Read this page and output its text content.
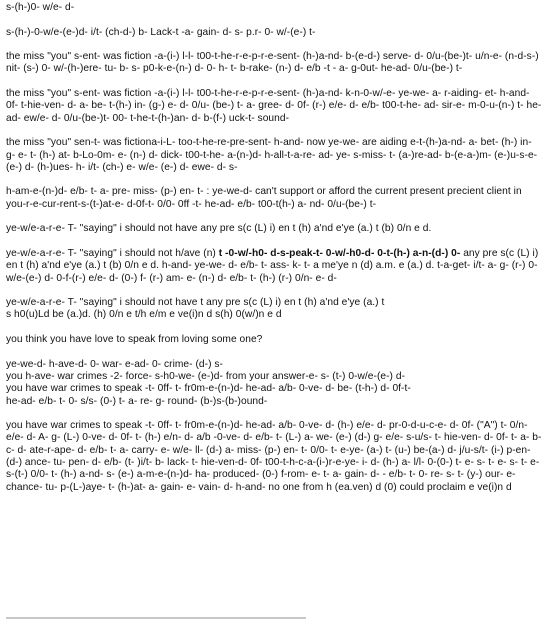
s-(h-)0- w/e- d-

s-(h-)-0-w/e-(e-)d- i/t- (ch-d-) b- Lack-t -a- gain- d- s- p.r- 0- w/-(e-) t-

the miss "you" s-ent- was fiction -a-(i-) l-l- t00-t-he-r-e-p-r-e-sent- (h-)a-nd- b-(e-d-) serve- d- 0/u-(be-)t- u/n-e- (n-d-s-) nit- (s-) 0- w/-(h-)ere- tu- b- s- p0-k-e-(n-) d- 0- h- t- b-rake- (n-) d- e/b -t - a- g-0ut- he-ad- 0/u-(be-) t-

the miss "you" s-ent- was fiction -a-(i-) l-l- t00-t-he-r-e-p-r-e-sent- (h-)a-nd- k-n-0-w/-e- ye-we- a- r-aiding- et- h-and- 0f- t-hie-ven- d- a- be- t-(h-) in- (g-) e- d- 0/u- (be-) t- a- gree- d- 0f- (r-) e/e- d- e/b- t00-t-he- ad- sir-e- m-0-u-(n-) t- he-ad- ew/e- d- 0/u-(be-)t- 00- t-he-t-(h-)an- d- b-(f-) uck-t- sound-

the miss "you" sen-t- was fictiona-i-L- too-t-he-re-pre-sent- h-and- now ye-we- are aiding e-t-(h-)a-nd- a- bet- (h-) in- g- e- t- (h-) at- b-Lo-0m- e- (n-) d- dick- t00-t-he- a-(n-)d- h-all-t-a-re- ad- ye- s-miss- t- (a-)re-ad- b-(e-a-)m- (e-)u-s-e-(e-) d- (h-)ues- h- i/t- (ch-) e- w/e- (e-) d- ewe- d- s-

h-am-e-(n-)d- e/b- t- a- pre- miss- (p-) en- t- : ye-we-d- can't support or afford the current present precient client in you-r-e-cur-rent-s-(t-)at-e- d-0f-t- 0/0- 0ff -t- he-ad- e/b- t00-t(h-) a- nd- 0/u-(be-) t-

ye-w/e-a-r-e- T- "saying" i should not have any pre s(c (L) i) en t (h) a'nd e'ye (a.) t (b) 0/n e d.

ye-w/e-a-r-e- T- "saying" i should not h/ave (n) t -0-w/-h0- d-s-peak-t- 0-w/-h0-d- 0-t-(h-) a-n-(d-) 0- any pre s(c (L) i) en t (h) a'nd e'ye (a.) t (b) 0/n e d. h-and- ye-we- d- e/b- t- ass- k- t- a me'ye n (d) a.m. e (a.) d. t-a-get- i/t- a- g- (r-) 0- w/e-(e-) d- 0-f-(r-) e/e- d- (0-) f- (r-) am- e- (n-) d- e/b- t- (h-) (r-) 0/n- e- d-

ye-w/e-a-r-e- T- "saying" i should not have t any pre s(c (L) i) en t (h) a'nd e'ye (a.) t
s h0(u)Ld be (a.)d. (h) 0/n e t/h e/m e ve(i)n d s(h) 0(w/)n e d

you think you have love to speak from loving some one?

ye-we-d- h-ave-d- 0- war- e-ad- 0- crime- (d-) s-
you h-ave- war crimes -2- force- s-h0-we- (e-)d- from your answer-e- s- (t-) 0-w/e-(e-) d-
you have war crimes to speak -t- 0ff- t- fr0m-e-(n-)d- he-ad- a/b- 0-ve- d- be- (t-h-) d- 0f-t-
he-ad- e/b- t- 0- s/s- (0-) t- a- re- g- round- (b-)s-(b-)ound-

you have war crimes to speak -t- 0ff- t- fr0m-e-(n-)d- he-ad- a/b- 0-ve- d- (h-) e/e- d- pr-0-d-u-c-e- d- 0f- ("A") t- 0/n- e/e- d- A- g- (L-) 0-ve- d- 0f- t- (h-) e/n- d- a/b -0-ve- d- e/b- t- (L-) a- we- (e-) (d-) g- e/e- s-u/s- t- hie-ven- d- 0f- t- a- b- c- d- ate-r-ape- d- e/b- t- a- carry- e- w/e- ll- (d-) a- miss- (p-) en- t- 0/0- t- e-ye- (a-) t- (u-) be-(a-) d- j/u-s/t- (i-) p-en-(d-) ance- tu- pen- d- e/b- (t- )i/t- b- lack- t- hie-ven-d- 0f- t00-t-h-c-a-(i-)r-e-ye- i- d- (h-) a- l/l- 0-(0-) t- e- s- t- e- s- t- e- s-(t-) 0/0- t- (h-) a-nd- s- (e-) a-m-e-(n-)d- ha- produced- (0-) f-rom- e- t- a- gain- d- - e/b- t- 0- re- s- t- (y-) our- e- chance- tu- p-(L-)aye- t- (h-)at- a- gain- e- vain- d- h-and- no one from h (ea.ven) d (0) could proclaim e ve(i)n d
